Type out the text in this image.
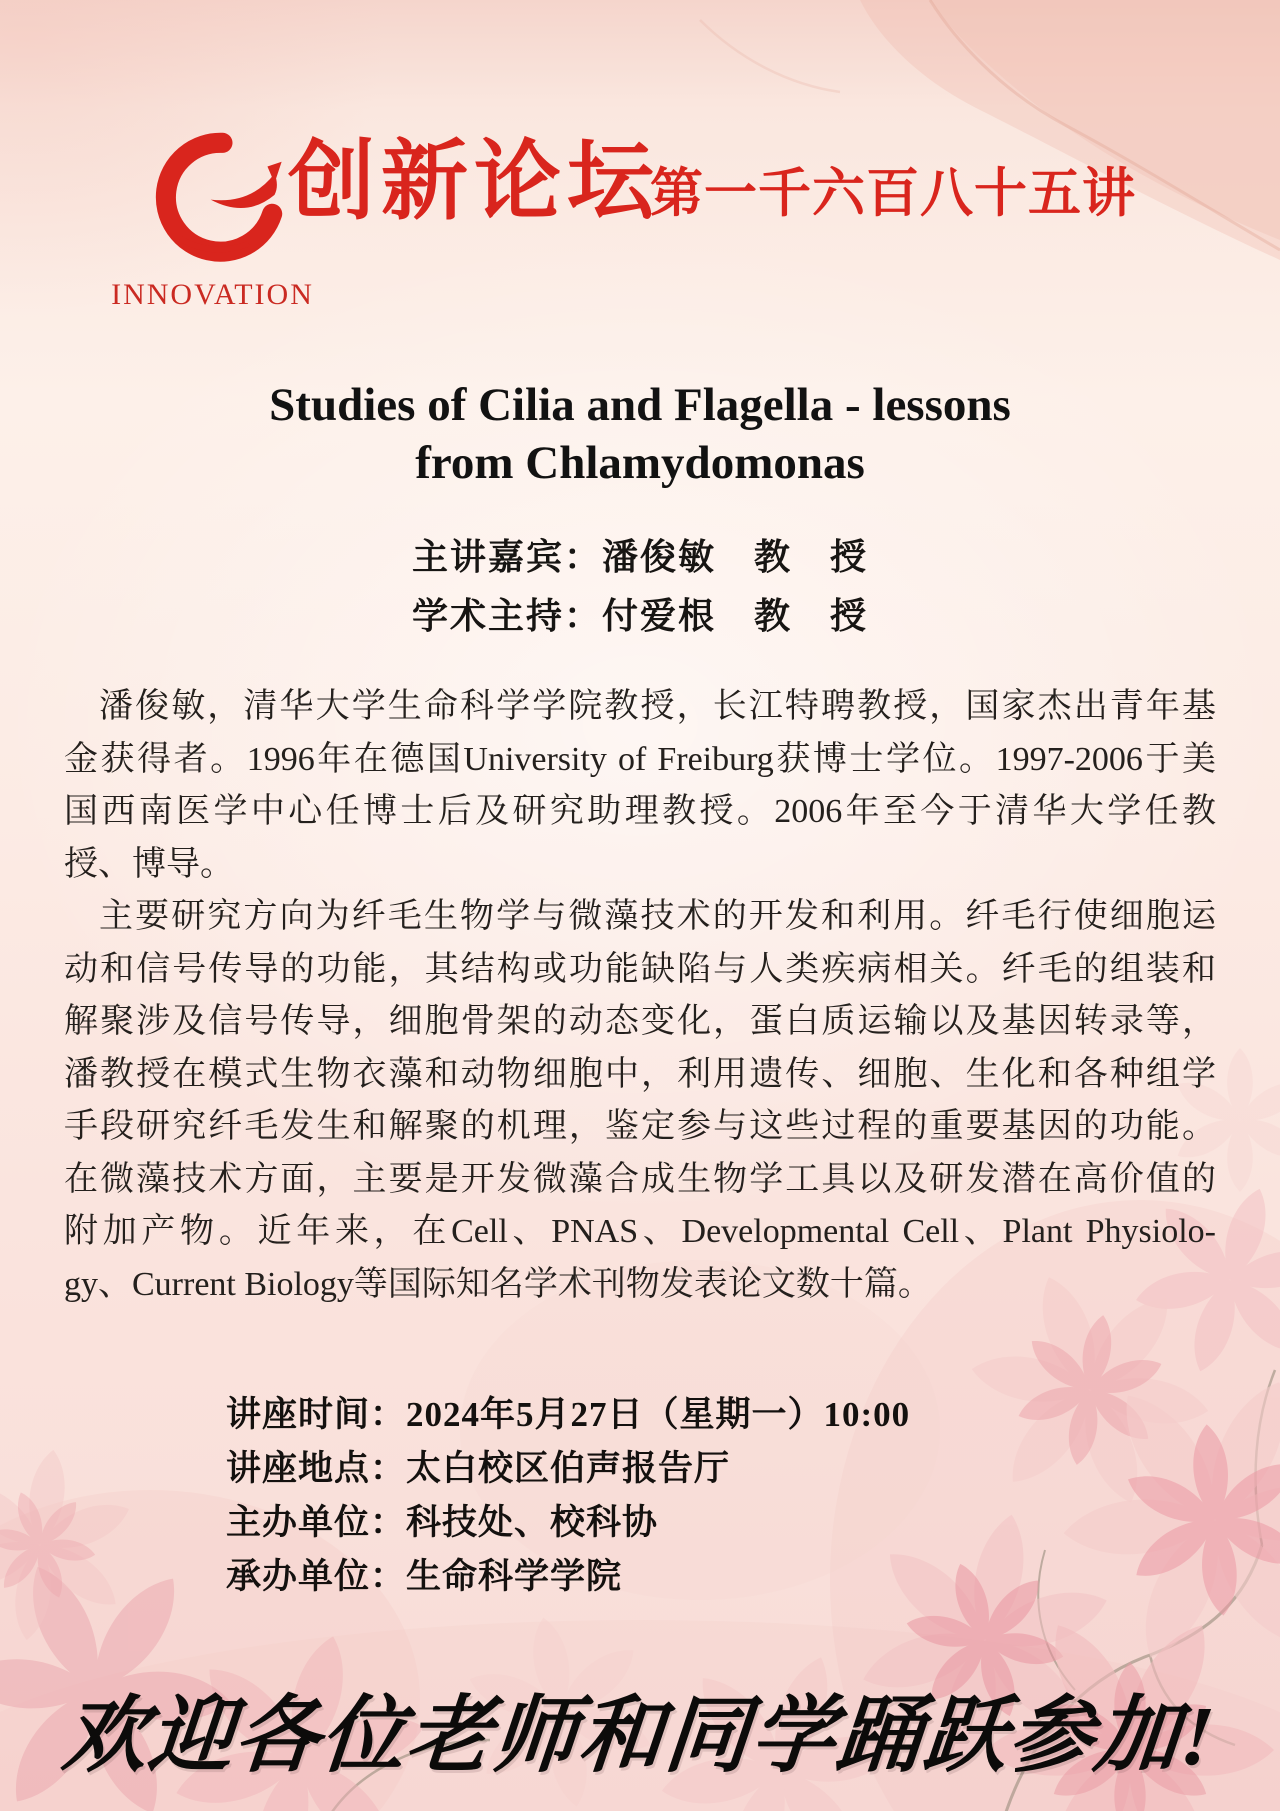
INNOVATION
创新论坛
第一千六百八十五讲
Studies of Cilia and Flagella - lessons
from Chlamydomonas
主讲嘉宾：潘俊敏　教　授
学术主持：付爱根　教　授
潘俊敏，清华大学生命科学学院教授，长江特聘教授，国家杰出青年基
金获得者。1996年在德国University of Freiburg获博士学位。1997-2006于美
国西南医学中心任博士后及研究助理教授。2006年至今于清华大学任教
授、博导。
主要研究方向为纤毛生物学与微藻技术的开发和利用。纤毛行使细胞运
动和信号传导的功能，其结构或功能缺陷与人类疾病相关。纤毛的组装和
解聚涉及信号传导，细胞骨架的动态变化，蛋白质运输以及基因转录等，
潘教授在模式生物衣藻和动物细胞中，利用遗传、细胞、生化和各种组学
手段研究纤毛发生和解聚的机理，鉴定参与这些过程的重要基因的功能。
在微藻技术方面，主要是开发微藻合成生物学工具以及研发潜在高价值的
附加产物。近年来，在Cell、PNAS、Developmental Cell、Plant Physiolo-
gy、Current Biology等国际知名学术刊物发表论文数十篇。
讲座时间：2024年5月27日（星期一）10:00
讲座地点：太白校区伯声报告厅
主办单位：科技处、校科协
承办单位：生命科学学院
欢迎各位老师和同学踊跃参加!
